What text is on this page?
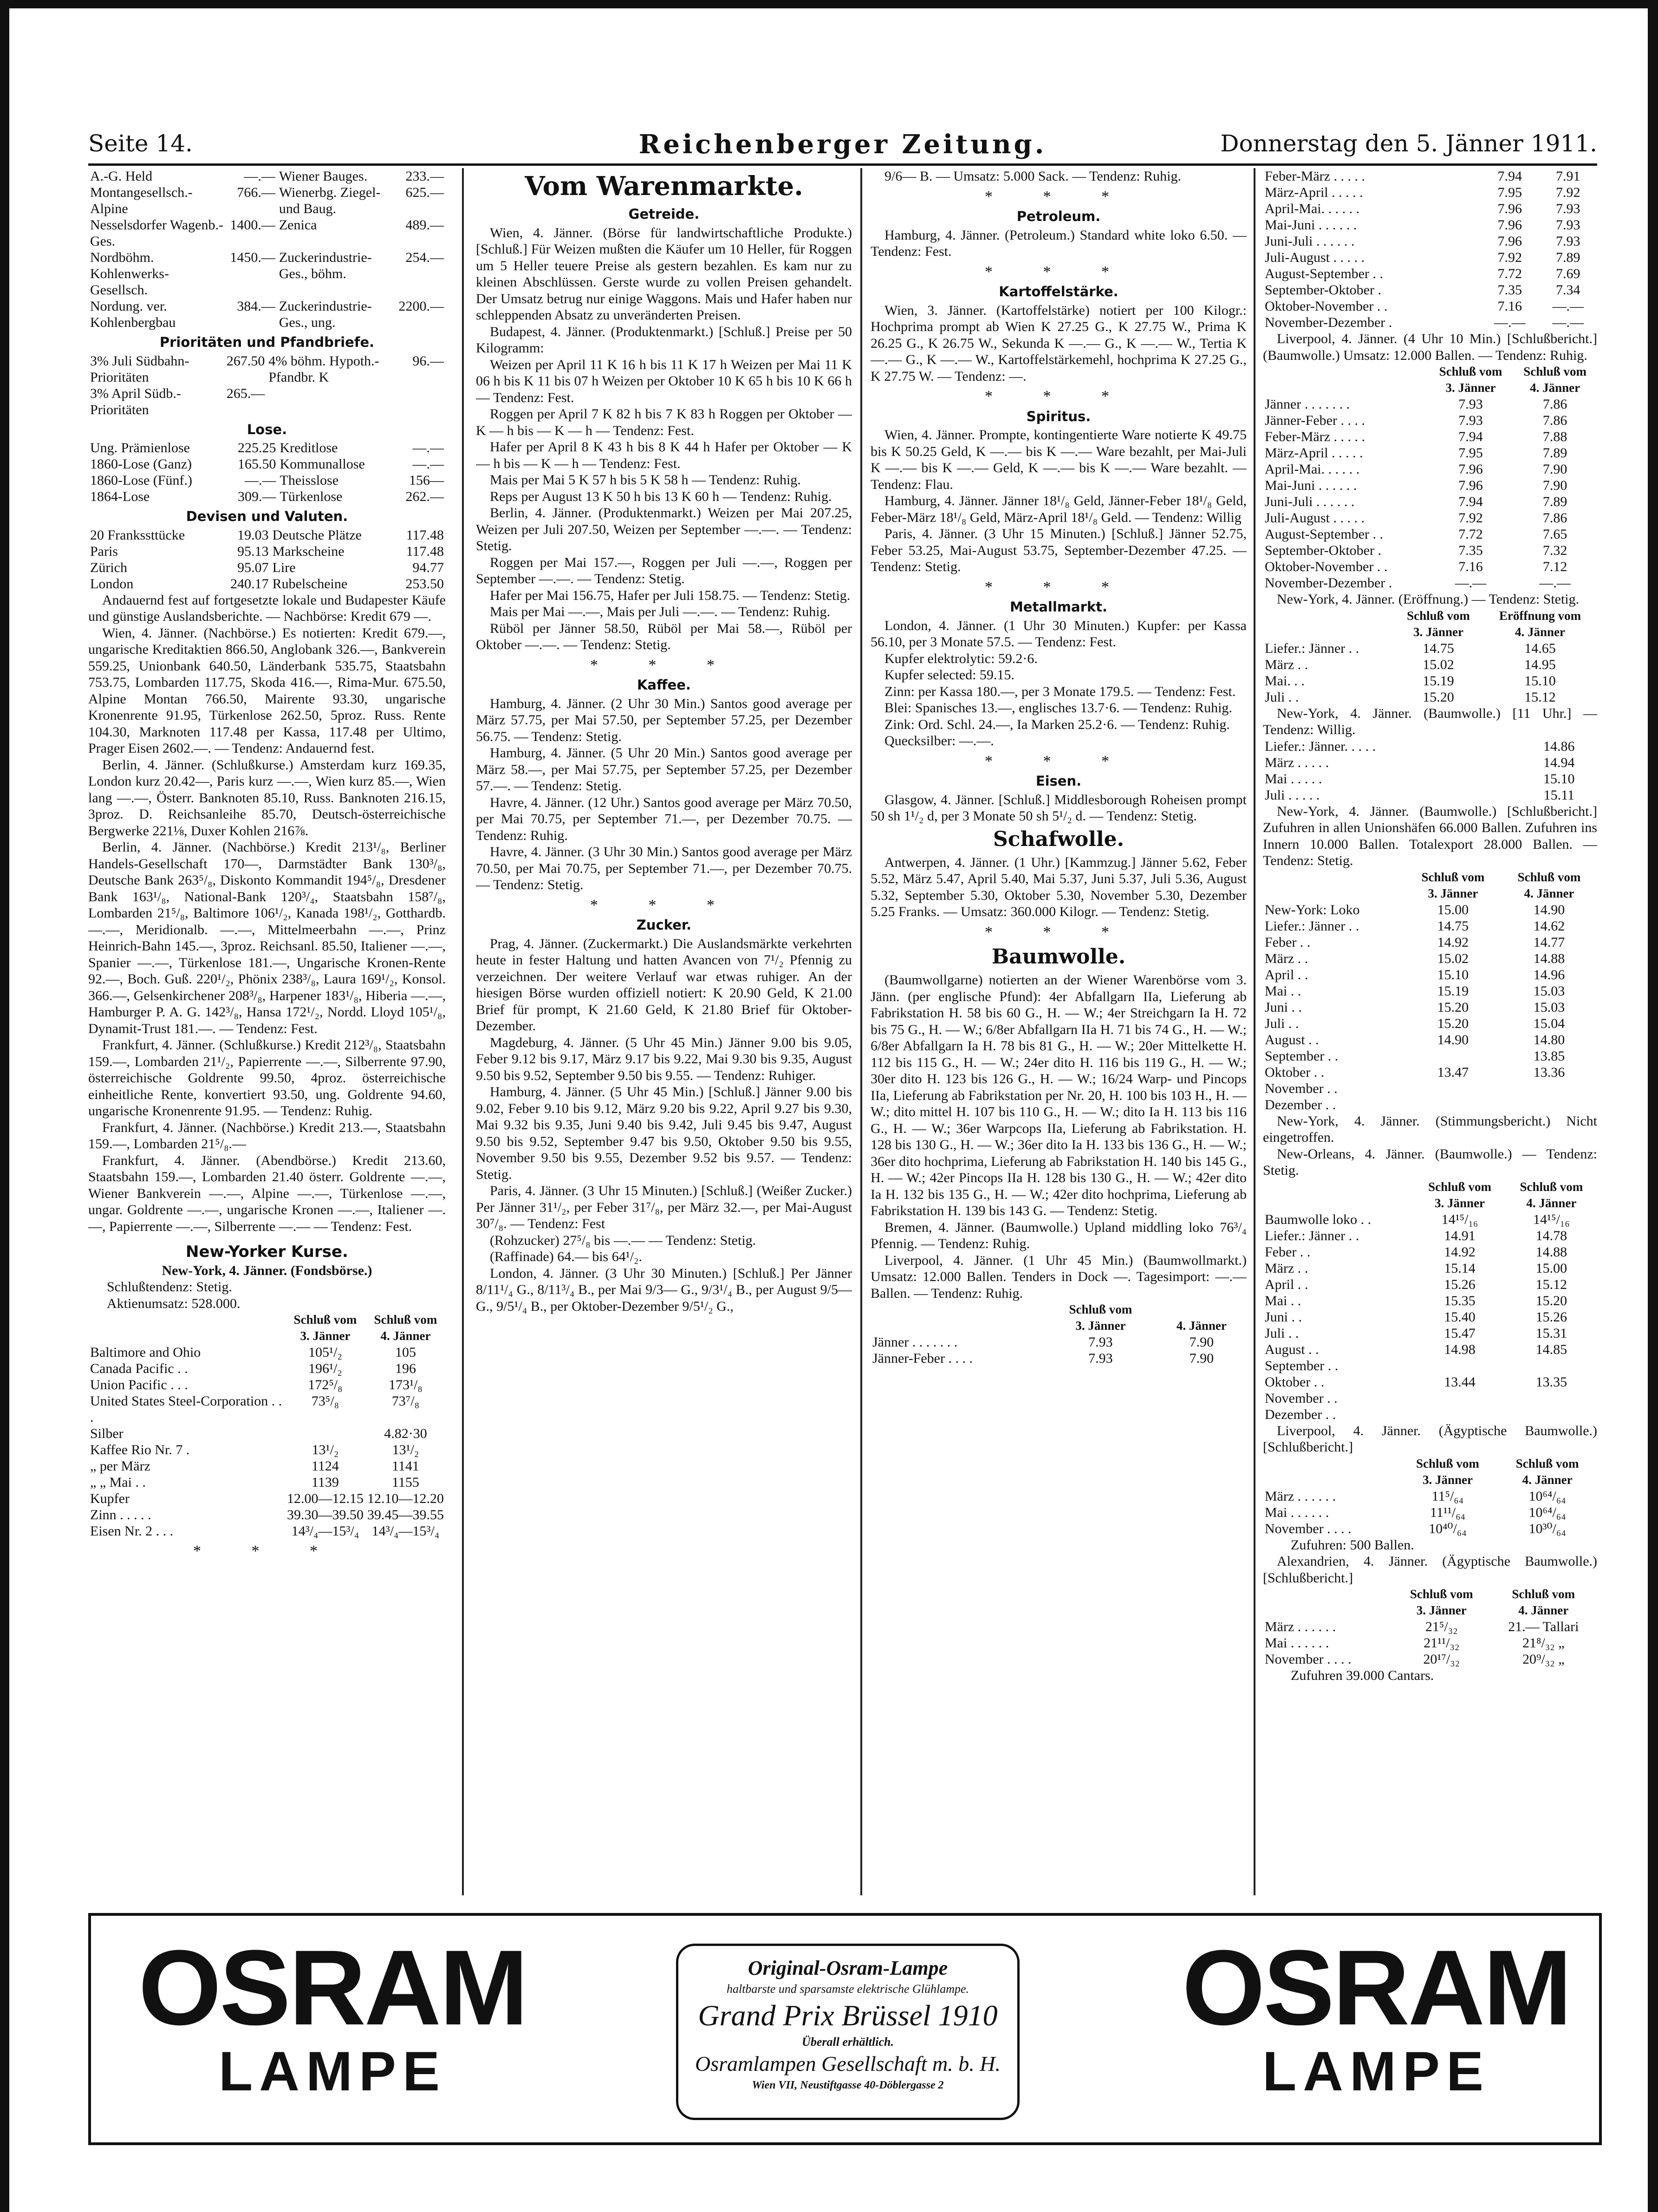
Seite 14.	Reichenberger Zeitung.	Donnerstag den 5. Jänner 1911.
A.-G. Held	—.—	Wiener Bauges.	233.—
Montangesellsch.-Alpine	766.—	Wienerbg. Ziegel- und Baug.	625.—
Nesselsdorfer Wagenb.-Ges.	1400.—	Zenica	489.—
Nordböhm. Kohlenwerks-Gesellsch.	1450.—	Zuckerindustrie-Ges., böhm.	254.—
Nordung. ver. Kohlenbergbau	384.—	Zuckerindustrie-Ges., ung.	2200.—
Prioritäten und Pfandbriefe.
3% Juli Südbahn-Prioritäten	267.50	4% böhm. Hypoth.-Pfandbr. K	96.—
3% April Südb.-Prioritäten	265.—		
Lose.
Ung. Prämienlose	225.25	Kreditlose	—.—
1860-Lose (Ganz)	165.50	Kommunallose	—.—
1860-Lose (Fünf.)	—.—	Theisslose	156—
1864-Lose	309.—	Türkenlose	262.—
Devisen und Valuten.
20 Frankssttücke	19.03	Deutsche Plätze	117.48
Paris	95.13	Markscheine	117.48
Zürich	95.07	Lire	94.77
London	240.17	Rubelscheine	253.50
Andauernd fest auf fortgesetzte lokale und Budapester Käufe und günstige Auslandsberichte. — Nachbörse: Kredit 679 —.
Wien, 4. Jänner. (Nachbörse.) Es notierten: Kredit 679.—, ungarische Kreditaktien 866.50, Anglobank 326.—, Bankverein 559.25, Unionbank 640.50, Länderbank 535.75, Staatsbahn 753.75, Lombarden 117.75, Skoda 416.—, Rima-Mur. 675.50, Alpine Montan 766.50, Mairente 93.30, ungarische Kronenrente 91.95, Türkenlose 262.50, 5proz. Russ. Rente 104.30, Marknoten 117.48 per Kassa, 117.48 per Ultimo, Prager Eisen 2602.—. — Tendenz: Andauernd fest.
Berlin, 4. Jänner. (Schlußkurse.) Amsterdam kurz 169.35, London kurz 20.42—, Paris kurz —.—, Wien kurz 85.—, Wien lang —.—, Österr. Banknoten 85.10, Russ. Banknoten 216.15, 3proz. D. Reichsanleihe 85.70, Deutsch-österreichische Bergwerke 221⅛, Duxer Kohlen 216⅞.
Berlin, 4. Jänner. (Nachbörse.) Kredit 213¹/₈, Berliner Handels-Gesellschaft 170—, Darmstädter Bank 130³/₈, Deutsche Bank 263⁵/₈, Diskonto Kommandit 194⁵/₈, Dresdener Bank 163¹/₈, National-Bank 120³/₄, Staatsbahn 158⁷/₈, Lombarden 21⁵/₈, Baltimore 106¹/₂, Kanada 198¹/₂, Gotthardb. —.—, Meridionalb. —.—, Mittelmeerbahn —.—, Prinz Heinrich-Bahn 145.—, 3proz. Reichsanl. 85.50, Italiener —.—, Spanier —.—, Türkenlose 181.—, Ungarische Kronen-Rente 92.—, Boch. Guß. 220¹/₂, Phönix 238³/₈, Laura 169¹/₂, Konsol. 366.—, Gelsenkirchener 208³/₈, Harpener 183¹/₈, Hiberia —.—, Hamburger P. A. G. 142³/₈, Hansa 172¹/₂, Nordd. Lloyd 105¹/₈, Dynamit-Trust 181.—. — Tendenz: Fest.
Frankfurt, 4. Jänner. (Schlußkurse.) Kredit 212³/₈, Staatsbahn 159.—, Lombarden 21¹/₂, Papierrente —.—, Silberrente 97.90, österreichische Goldrente 99.50, 4proz. österreichische einheitliche Rente, konvertiert 93.50, ung. Goldrente 94.60, ungarische Kronenrente 91.95. — Tendenz: Ruhig.
Frankfurt, 4. Jänner. (Nachbörse.) Kredit 213.—, Staatsbahn 159.—, Lombarden 21⁵/₈.—
Frankfurt, 4. Jänner. (Abendbörse.) Kredit 213.60, Staatsbahn 159.—, Lombarden 21.40 österr. Goldrente —.—, Wiener Bankverein —.—, Alpine —.—, Türkenlose —.—, ungar. Goldrente —.—, ungarische Kronen —.—, Italiener —.—, Papierrente —.—, Silberrente —.— — Tendenz: Fest.
New-Yorker Kurse.
New-York, 4. Jänner. (Fondsbörse.)
Schlußtendenz: Stetig.
Aktienumsatz: 528.000.
	Schluß vom	Schluß vom
	3. Jänner	4. Jänner
Baltimore and Ohio	105¹/₂	105
Canada Pacific . .	196¹/₂	196
Union Pacific . . .	172⁵/₈	173¹/₈
United States Steel-Corporation . . .	73⁵/₈	73⁷/₈
Silber		4.82·30
Kaffee Rio Nr. 7 .	13¹/₂	13¹/₂
„ per März	1124	1141
„ „ Mai . .	1139	1155
Kupfer	12.00—12.15	12.10—12.20
Zinn . . . . .	39.30—39.50	39.45—39.55
Eisen Nr. 2 . . .	14³/₄—15³/₄	14³/₄—15³/₄
* * *
Vom Warenmarkte.
Getreide.
Wien, 4. Jänner. (Börse für landwirtschaftliche Produkte.) [Schluß.] Für Weizen mußten die Käufer um 10 Heller, für Roggen um 5 Heller teuere Preise als gestern bezahlen. Es kam nur zu kleinen Abschlüssen. Gerste wurde zu vollen Preisen gehandelt. Der Umsatz betrug nur einige Waggons. Mais und Hafer haben nur schleppenden Absatz zu unveränderten Preisen.
Budapest, 4. Jänner. (Produktenmarkt.) [Schluß.] Preise per 50 Kilogramm:
Weizen per April 11 K 16 h bis 11 K 17 h Weizen per Mai 11 K 06 h bis K 11 bis 07 h Weizen per Oktober 10 K 65 h bis 10 K 66 h — Tendenz: Fest.
Roggen per April 7 K 82 h bis 7 K 83 h Roggen per Oktober — K — h bis — K — h — Tendenz: Fest.
Hafer per April 8 K 43 h bis 8 K 44 h Hafer per Oktober — K — h bis — K — h — Tendenz: Fest.
Mais per Mai 5 K 57 h bis 5 K 58 h — Tendenz: Ruhig.
Reps per August 13 K 50 h bis 13 K 60 h — Tendenz: Ruhig.
Berlin, 4. Jänner. (Produktenmarkt.) Weizen per Mai 207.25, Weizen per Juli 207.50, Weizen per September —.—. — Tendenz: Stetig.
Roggen per Mai 157.—, Roggen per Juli —.—, Roggen per September —.—. — Tendenz: Stetig.
Hafer per Mai 156.75, Hafer per Juli 158.75. — Tendenz: Stetig.
Mais per Mai —.—, Mais per Juli —.—. — Tendenz: Ruhig.
Rüböl per Jänner 58.50, Rüböl per Mai 58.—, Rüböl per Oktober —.—. — Tendenz: Stetig.
* * *
Kaffee.
Hamburg, 4. Jänner. (2 Uhr 30 Min.) Santos good average per März 57.75, per Mai 57.50, per September 57.25, per Dezember 56.75. — Tendenz: Stetig.
Hamburg, 4. Jänner. (5 Uhr 20 Min.) Santos good average per März 58.—, per Mai 57.75, per September 57.25, per Dezember 57.—. — Tendenz: Stetig.
Havre, 4. Jänner. (12 Uhr.) Santos good average per März 70.50, per Mai 70.75, per September 71.—, per Dezember 70.75. — Tendenz: Ruhig.
Havre, 4. Jänner. (3 Uhr 30 Min.) Santos good average per März 70.50, per Mai 70.75, per September 71.—, per Dezember 70.75. — Tendenz: Stetig.
* * *
Zucker.
Prag, 4. Jänner. (Zuckermarkt.) Die Auslandsmärkte verkehrten heute in fester Haltung und hatten Avancen von 7¹/₂ Pfennig zu verzeichnen. Der weitere Verlauf war etwas ruhiger. An der hiesigen Börse wurden offiziell notiert: K 20.90 Geld, K 21.00 Brief für prompt, K 21.60 Geld, K 21.80 Brief für Oktober-Dezember.
Magdeburg, 4. Jänner. (5 Uhr 45 Min.) Jänner 9.00 bis 9.05, Feber 9.12 bis 9.17, März 9.17 bis 9.22, Mai 9.30 bis 9.35, August 9.50 bis 9.52, September 9.50 bis 9.55. — Tendenz: Ruhiger.
Hamburg, 4. Jänner. (5 Uhr 45 Min.) [Schluß.] Jänner 9.00 bis 9.02, Feber 9.10 bis 9.12, März 9.20 bis 9.22, April 9.27 bis 9.30, Mai 9.32 bis 9.35, Juni 9.40 bis 9.42, Juli 9.45 bis 9.47, August 9.50 bis 9.52, September 9.47 bis 9.50, Oktober 9.50 bis 9.55, November 9.50 bis 9.55, Dezember 9.52 bis 9.57. — Tendenz: Stetig.
Paris, 4. Jänner. (3 Uhr 15 Minuten.) [Schluß.] (Weißer Zucker.) Per Jänner 31¹/₂, per Feber 31⁷/₈, per März 32.—, per Mai-August 30⁷/₈. — Tendenz: Fest
(Rohzucker) 27⁵/₈ bis —.— — Tendenz: Stetig.
(Raffinade) 64.— bis 64¹/₂.
London, 4. Jänner. (3 Uhr 30 Minuten.) [Schluß.] Per Jänner 8/11¹/₄ G., 8/11³/₄ B., per Mai 9/3— G., 9/3¹/₄ B., per August 9/5— G., 9/5¹/₄ B., per Oktober-Dezember 9/5¹/₂ G.,
9/6— B. — Umsatz: 5.000 Sack. — Tendenz: Ruhig.
* * *
Petroleum.
Hamburg, 4. Jänner. (Petroleum.) Standard white loko 6.50. — Tendenz: Fest.
* * *
Kartoffelstärke.
Wien, 3. Jänner. (Kartoffelstärke) notiert per 100 Kilogr.: Hochprima prompt ab Wien K 27.25 G., K 27.75 W., Prima K 26.25 G., K 26.75 W., Sekunda K —.— G., K —.— W., Tertia K —.— G., K —.— W., Kartoffelstärkemehl, hochprima K 27.25 G., K 27.75 W. — Tendenz: —.
* * *
Spiritus.
Wien, 4. Jänner. Prompte, kontingentierte Ware notierte K 49.75 bis K 50.25 Geld, K —.— bis K —.— Ware bezahlt, per Mai-Juli K —.— bis K —.— Geld, K —.— bis K —.— Ware bezahlt. — Tendenz: Flau.
Hamburg, 4. Jänner. Jänner 18¹/₈ Geld, Jänner-Feber 18¹/₈ Geld, Feber-März 18¹/₈ Geld, März-April 18¹/₈ Geld. — Tendenz: Willig
Paris, 4. Jänner. (3 Uhr 15 Minuten.) [Schluß.] Jänner 52.75, Feber 53.25, Mai-August 53.75, September-Dezember 47.25. — Tendenz: Stetig.
* * *
Metallmarkt.
London, 4. Jänner. (1 Uhr 30 Minuten.) Kupfer: per Kassa 56.10, per 3 Monate 57.5. — Tendenz: Fest.
Kupfer elektrolytic: 59.2·6.
Kupfer selected: 59.15.
Zinn: per Kassa 180.—, per 3 Monate 179.5. — Tendenz: Fest.
Blei: Spanisches 13.—, englisches 13.7·6. — Tendenz: Ruhig.
Zink: Ord. Schl. 24.—, Ia Marken 25.2·6. — Tendenz: Ruhig.
Quecksilber: —.—.
* * *
Eisen.
Glasgow, 4. Jänner. [Schluß.] Middlesborough Roheisen prompt 50 sh 1¹/₂ d, per 3 Monate 50 sh 5¹/₂ d. — Tendenz: Stetig.
Schafwolle.
Antwerpen, 4. Jänner. (1 Uhr.) [Kammzug.] Jänner 5.62, Feber 5.52, März 5.47, April 5.40, Mai 5.37, Juni 5.37, Juli 5.36, August 5.32, September 5.30, Oktober 5.30, November 5.30, Dezember 5.25 Franks. — Umsatz: 360.000 Kilogr. — Tendenz: Stetig.
* * *
Baumwolle.
(Baumwollgarne) notierten an der Wiener Warenbörse vom 3. Jänn. (per englische Pfund): 4er Abfallgarn IIa, Lieferung ab Fabrikstation H. 58 bis 60 G., H. — W.; 4er Streichgarn Ia H. 72 bis 75 G., H. — W.; 6/8er Abfallgarn IIa H. 71 bis 74 G., H. — W.; 6/8er Abfallgarn Ia H. 78 bis 81 G., H. — W.; 20er Mittelkette H. 112 bis 115 G., H. — W.; 24er dito H. 116 bis 119 G., H. — W.; 30er dito H. 123 bis 126 G., H. — W.; 16/24 Warp- und Pincops IIa, Lieferung ab Fabrikstation per Nr. 20, H. 100 bis 103 H., H. — W.; dito mittel H. 107 bis 110 G., H. — W.; dito Ia H. 113 bis 116 G., H. — W.; 36er Warpcops IIa, Lieferung ab Fabrikstation. H. 128 bis 130 G., H. — W.; 36er dito Ia H. 133 bis 136 G., H. — W.; 36er dito hochprima, Lieferung ab Fabrikstation H. 140 bis 145 G., H. — W.; 42er Pincops IIa H. 128 bis 130 G., H. — W.; 42er dito Ia H. 132 bis 135 G., H. — W.; 42er dito hochprima, Lieferung ab Fabrikstation H. 139 bis 143 G. — Tendenz: Stetig.
Bremen, 4. Jänner. (Baumwolle.) Upland middling loko 76³/₄ Pfennig. — Tendenz: Ruhig.
Liverpool, 4. Jänner. (1 Uhr 45 Min.) (Baumwollmarkt.) Umsatz: 12.000 Ballen. Tenders in Dock —. Tagesimport: —.— Ballen. — Tendenz: Ruhig.
	Schluß vom	
	3. Jänner	4. Jänner
Jänner . . . . . . .	7.93	7.90
Jänner-Feber . . . .	7.93	7.90
Feber-März . . . . .	7.94	7.91
März-April . . . . .	7.95	7.92
April-Mai. . . . . .	7.96	7.93
Mai-Juni . . . . . .	7.96	7.93
Juni-Juli . . . . . .	7.96	7.93
Juli-August . . . . .	7.92	7.89
August-September . .	7.72	7.69
September-Oktober .	7.35	7.34
Oktober-November . .	7.16	—.—
November-Dezember .	—.—	—.—
Liverpool, 4. Jänner. (4 Uhr 10 Min.) [Schlußbericht.] (Baumwolle.) Umsatz: 12.000 Ballen. — Tendenz: Ruhig.
	Schluß vom	Schluß vom
	3. Jänner	4. Jänner
Jänner . . . . . . .	7.93	7.86
Jänner-Feber . . . .	7.93	7.86
Feber-März . . . . .	7.94	7.88
März-April . . . . .	7.95	7.89
April-Mai. . . . . .	7.96	7.90
Mai-Juni . . . . . .	7.96	7.90
Juni-Juli . . . . . .	7.94	7.89
Juli-August . . . . .	7.92	7.86
August-September . .	7.72	7.65
September-Oktober .	7.35	7.32
Oktober-November . .	7.16	7.12
November-Dezember .	—.—	—.—
New-York, 4. Jänner. (Eröffnung.) — Tendenz: Stetig.
	Schluß vom	Eröffnung vom
	3. Jänner	4. Jänner
Liefer.: Jänner . .	14.75	14.65
März . .	15.02	14.95
Mai. . .	15.19	15.10
Juli . .	15.20	15.12
New-York, 4. Jänner. (Baumwolle.) [11 Uhr.] — Tendenz: Willig.
Liefer.: Jänner. . . . .		14.86
März . . . . .		14.94
Mai . . . . .		15.10
Juli . . . . .		15.11
New-York, 4. Jänner. (Baumwolle.) [Schlußbericht.] Zufuhren in allen Unionshäfen 66.000 Ballen. Zufuhren ins Innern 10.000 Ballen. Totalexport 28.000 Ballen. — Tendenz: Stetig.
	Schluß vom	Schluß vom
	3. Jänner	4. Jänner
New-York: Loko	15.00	14.90
Liefer.: Jänner . .	14.75	14.62
Feber . .	14.92	14.77
März . .	15.02	14.88
April . .	15.10	14.96
Mai . .	15.19	15.03
Juni . .	15.20	15.03
Juli . .	15.20	15.04
August . .	14.90	14.80
September . .		13.85
Oktober . .	13.47	13.36
November . .		
Dezember . .		
New-York, 4. Jänner. (Stimmungsbericht.) Nicht eingetroffen.
New-Orleans, 4. Jänner. (Baumwolle.) — Tendenz: Stetig.
	Schluß vom	Schluß vom
	3. Jänner	4. Jänner
Baumwolle loko . .	14¹⁵/₁₆	14¹⁵/₁₆
Liefer.: Jänner . .	14.91	14.78
Feber . .	14.92	14.88
März . .	15.14	15.00
April . .	15.26	15.12
Mai . .	15.35	15.20
Juni . .	15.40	15.26
Juli . .	15.47	15.31
August . .	14.98	14.85
September . .		
Oktober . .	13.44	13.35
November . .		
Dezember . .		
Liverpool, 4. Jänner. (Ägyptische Baumwolle.) [Schlußbericht.]
	Schluß vom	Schluß vom
	3. Jänner	4. Jänner
März . . . . . .	11⁵/₆₄	10⁶⁴/₆₄
Mai . . . . . .	11¹¹/₆₄	10⁶⁴/₆₄
November . . . .	10⁴⁰/₆₄	10³⁰/₆₄
Zufuhren: 500 Ballen.
Alexandrien, 4. Jänner. (Ägyptische Baumwolle.) [Schlußbericht.]
	Schluß vom	Schluß vom
	3. Jänner	4. Jänner
März . . . . . .	21⁵/₃₂	21.— Tallari
Mai . . . . . .	21¹¹/₃₂	21⁸/₃₂ „
November . . . .	20¹⁷/₃₂	20⁹/₃₂ „
Zufuhren 39.000 Cantars.
OSRAM
LAMPE
Original-Osram-Lampe
haltbarste und sparsamste elektrische Glühlampe.
Grand Prix Brüssel 1910
Überall erhältlich.
Osramlampen Gesellschaft m. b. H.
Wien VII, Neustiftgasse 40-Döblergasse 2
OSRAM
LAMPE
